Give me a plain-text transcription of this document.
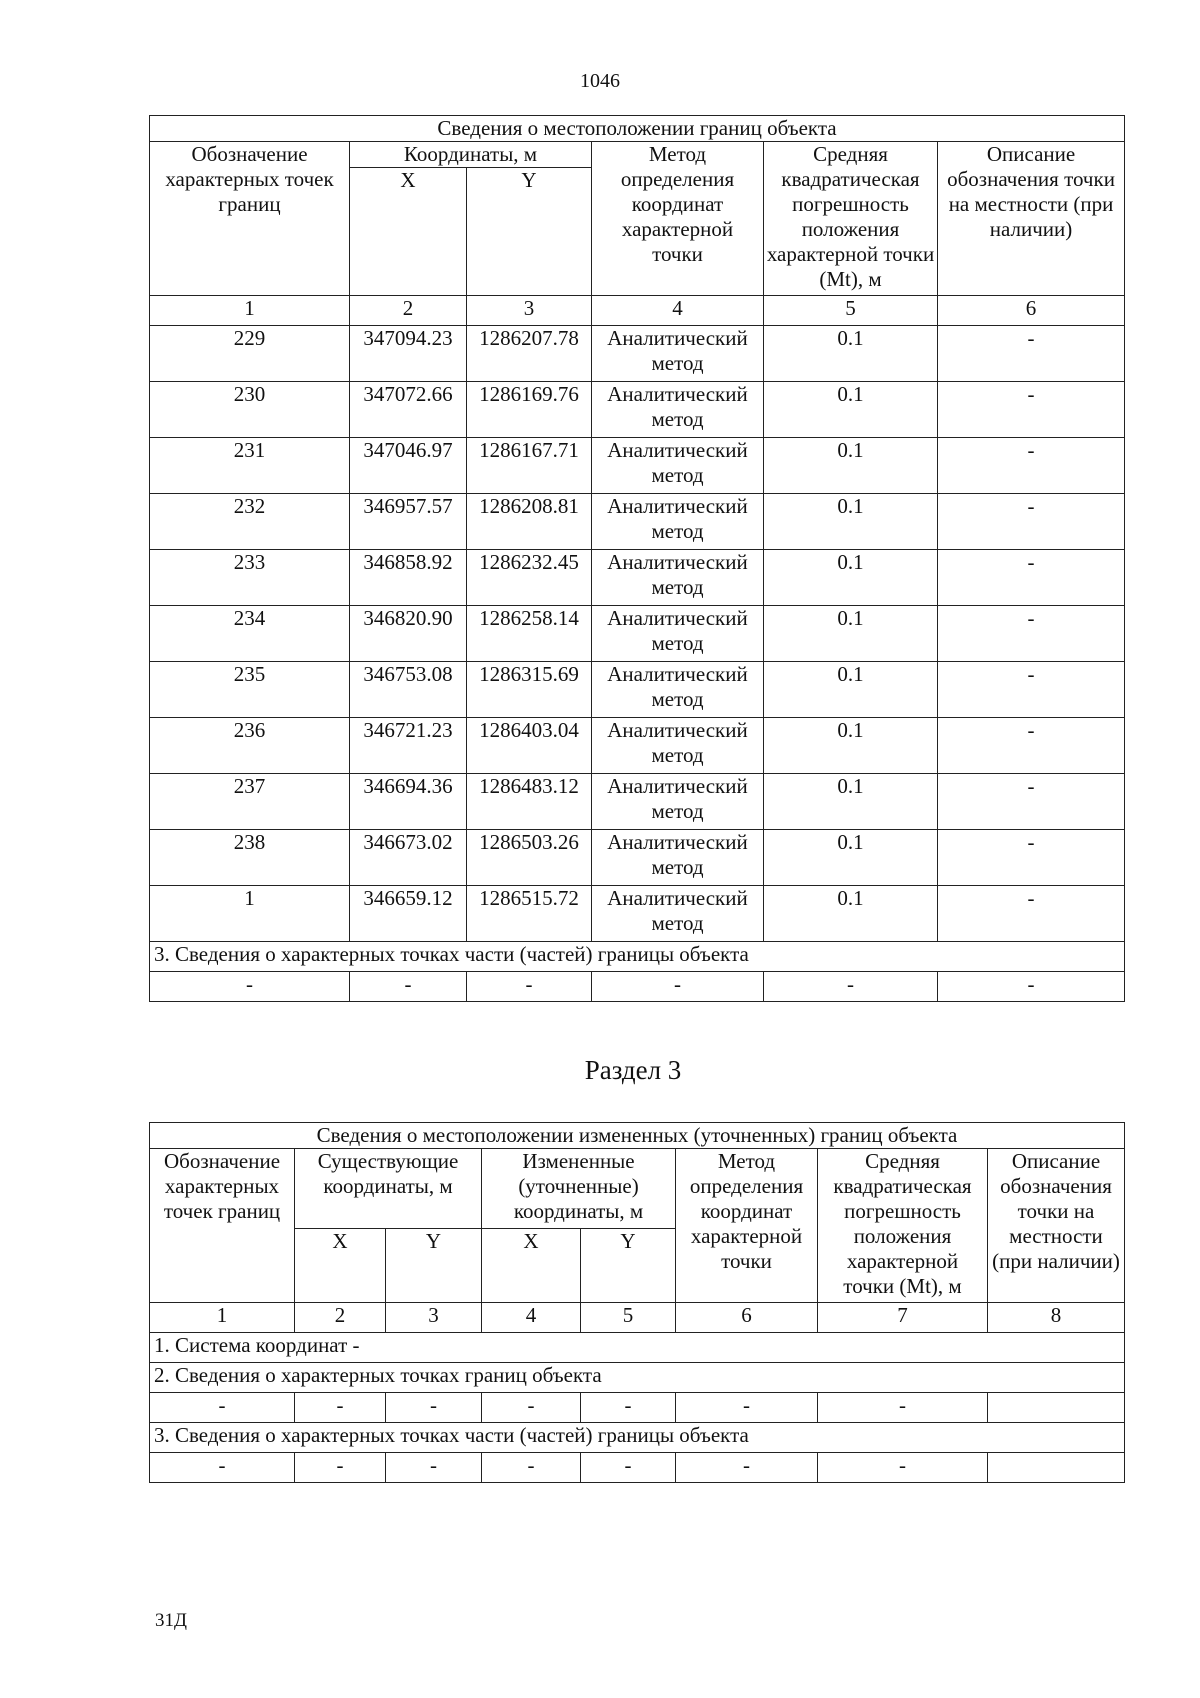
1046
Сведения о местоположении границ объекта					
Обозначение характерных точек границ	Координаты, м		Метод определения координат характерной точки	Средняя квадратическая погрешность положения характерной точки (Mt), м	Описание обозначения точки на местности (при наличии)
	X	Y			
1	2	3	4	5	6
229	347094.23	1286207.78	Аналитический метод	0.1	-
230	347072.66	1286169.76	Аналитический метод	0.1	-
231	347046.97	1286167.71	Аналитический метод	0.1	-
232	346957.57	1286208.81	Аналитический метод	0.1	-
233	346858.92	1286232.45	Аналитический метод	0.1	-
234	346820.90	1286258.14	Аналитический метод	0.1	-
235	346753.08	1286315.69	Аналитический метод	0.1	-
236	346721.23	1286403.04	Аналитический метод	0.1	-
237	346694.36	1286483.12	Аналитический метод	0.1	-
238	346673.02	1286503.26	Аналитический метод	0.1	-
1	346659.12	1286515.72	Аналитический метод	0.1	-
3. Сведения о характерных точках части (частей) границы объекта					
-	-	-	-	-	-
Раздел 3
Сведения о местоположении измененных (уточненных) границ объекта							
Обозначение характерных точек границ	Существующие координаты, м		Измененные (уточненные) координаты, м		Метод определения координат характерной точки	Средняя квадратическая погрешность положения характерной точки (Mt), м	Описание обозначения точки на местности (при наличии)
	X	Y	X	Y			
1	2	3	4	5	6	7	8
1. Система координат -							
2. Сведения о характерных точках границ объекта							
-	-	-	-	-	-	-	
3. Сведения о характерных точках части (частей) границы объекта							
-	-	-	-	-	-	-	
31Д
